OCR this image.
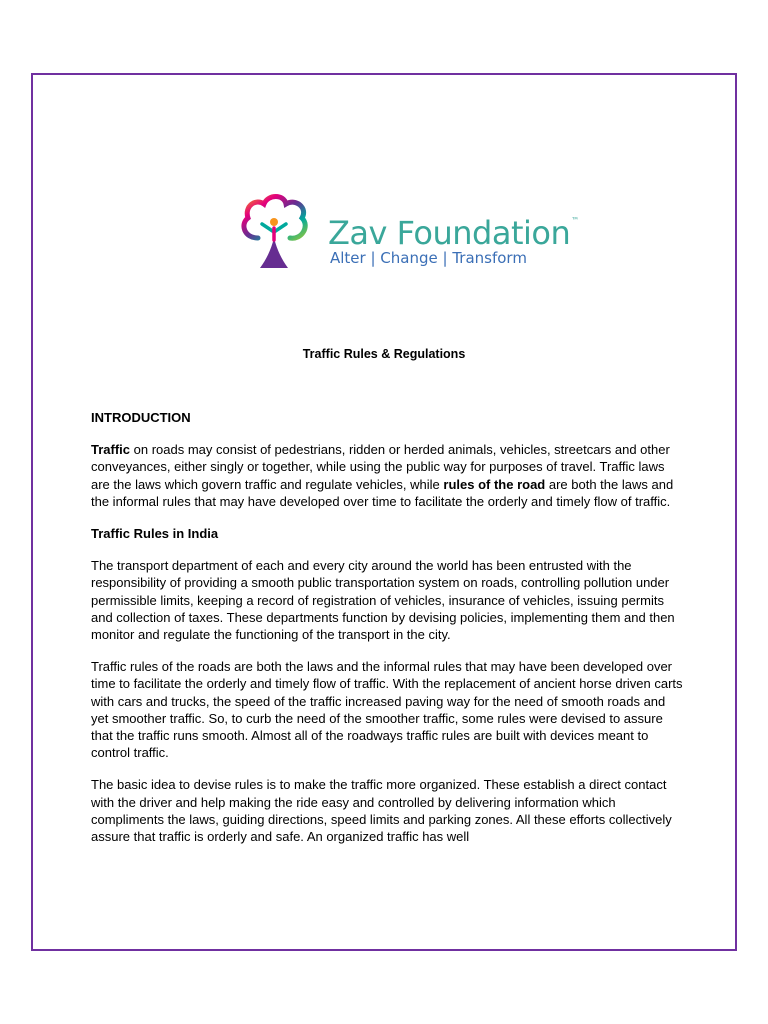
Zav Foundation™
Alter | Change | Transform
Traffic Rules & Regulations
INTRODUCTION

Traffic on roads may consist of pedestrians, ridden or herded animals, vehicles, streetcars and other conveyances, either singly or together, while using the public way for purposes of travel. Traffic laws are the laws which govern traffic and regulate vehicles, while rules of the road are both the laws and the informal rules that may have developed over time to facilitate the orderly and timely flow of traffic.

Traffic Rules in India

The transport department of each and every city around the world has been entrusted with the responsibility of providing a smooth public transportation system on roads, controlling pollution under permissible limits, keeping a record of registration of vehicles, insurance of vehicles, issuing permits and collection of taxes. These departments function by devising policies, implementing them and then monitor and regulate the functioning of the transport in the city.

Traffic rules of the roads are both the laws and the informal rules that may have been developed over time to facilitate the orderly and timely flow of traffic. With the replacement of ancient horse driven carts with cars and trucks, the speed of the traffic increased paving way for the need of smooth roads and yet smoother traffic. So, to curb the need of the smoother traffic, some rules were devised to assure that the traffic runs smooth. Almost all of the roadways traffic rules are built with devices meant to control traffic.

The basic idea to devise rules is to make the traffic more organized. These establish a direct contact with the driver and help making the ride easy and controlled by delivering information which compliments the laws, guiding directions, speed limits and parking zones. All these efforts collectively assure that traffic is orderly and safe. An organized traffic has well
